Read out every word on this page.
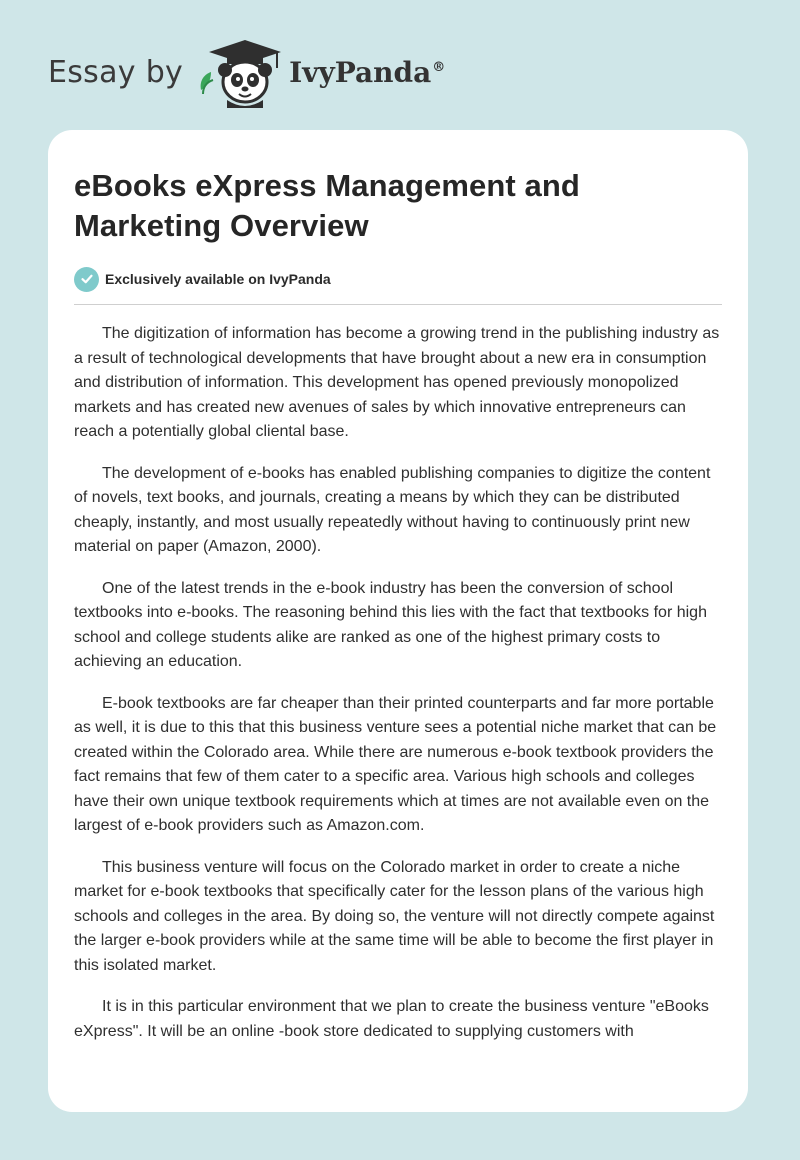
Essay by	IvyPanda®
eBooks eXpress Management and Marketing Overview
Exclusively available on IvyPanda

The digitization of information has become a growing trend in the publishing industry as a result of technological developments that have brought about a new era in consumption and distribution of information. This development has opened previously monopolized markets and has created new avenues of sales by which innovative entrepreneurs can reach a potentially global cliental base.

The development of e-books has enabled publishing companies to digitize the content of novels, text books, and journals, creating a means by which they can be distributed cheaply, instantly, and most usually repeatedly without having to continuously print new material on paper (Amazon, 2000).

One of the latest trends in the e-book industry has been the conversion of school textbooks into e-books. The reasoning behind this lies with the fact that textbooks for high school and college students alike are ranked as one of the highest primary costs to achieving an education.

E-book textbooks are far cheaper than their printed counterparts and far more portable as well, it is due to this that this business venture sees a potential niche market that can be created within the Colorado area. While there are numerous e-book textbook providers the fact remains that few of them cater to a specific area. Various high schools and colleges have their own unique textbook requirements which at times are not available even on the largest of e-book providers such as Amazon.com.

This business venture will focus on the Colorado market in order to create a niche market for e-book textbooks that specifically cater for the lesson plans of the various high schools and colleges in the area. By doing so, the venture will not directly compete against the larger e-book providers while at the same time will be able to become the first player in this isolated market.

It is in this particular environment that we plan to create the business venture "eBooks eXpress". It will be an online -book store dedicated to supplying customers with
